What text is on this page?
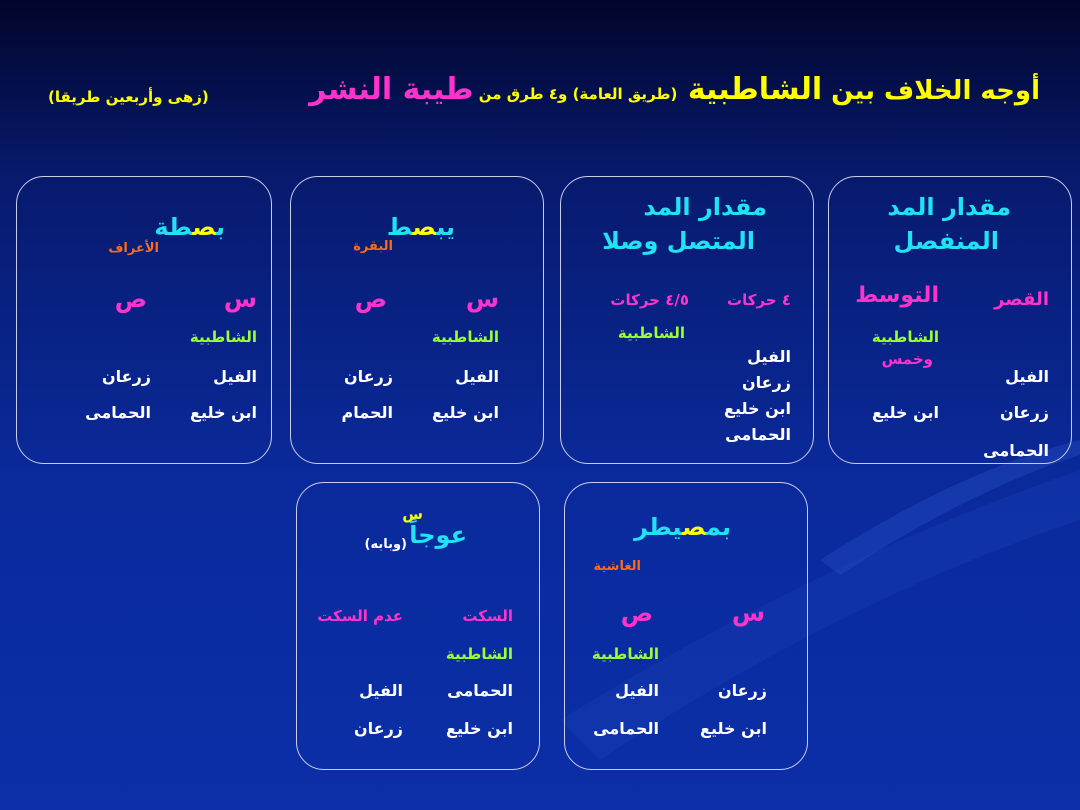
أوجه الخلاف بين الشاطبية (طريق العامة) و٤ طرق من طيبة النشر
(زهى وأربعين طريقا)
مقدار المد
المنفصل
القصر
التوسط
الشاطبية
وخمس
الفيل
زرعان
ابن خليع
الحمامى
مقدار المد
المتصل وصلا
٤ حركات
٤/٥ حركات
الشاطبية
الفيل
زرعان
ابن خليع
الحمامى
يبصط
البقرة
س
ص
الشاطبية
الفيل
زرعان
ابن خليع
الحمام
بصطة
الأعراف
س
ص
الشاطبية
الفيل
زرعان
ابن خليع
الحمامى
بمصيطر
الغاشية
س
ص
الشاطبية
زرعان
الفيل
ابن خليع
الحمامى
عوجاً
س
(وبابه)
السكت
عدم السكت
الشاطبية
الحمامى
الفيل
ابن خليع
زرعان
